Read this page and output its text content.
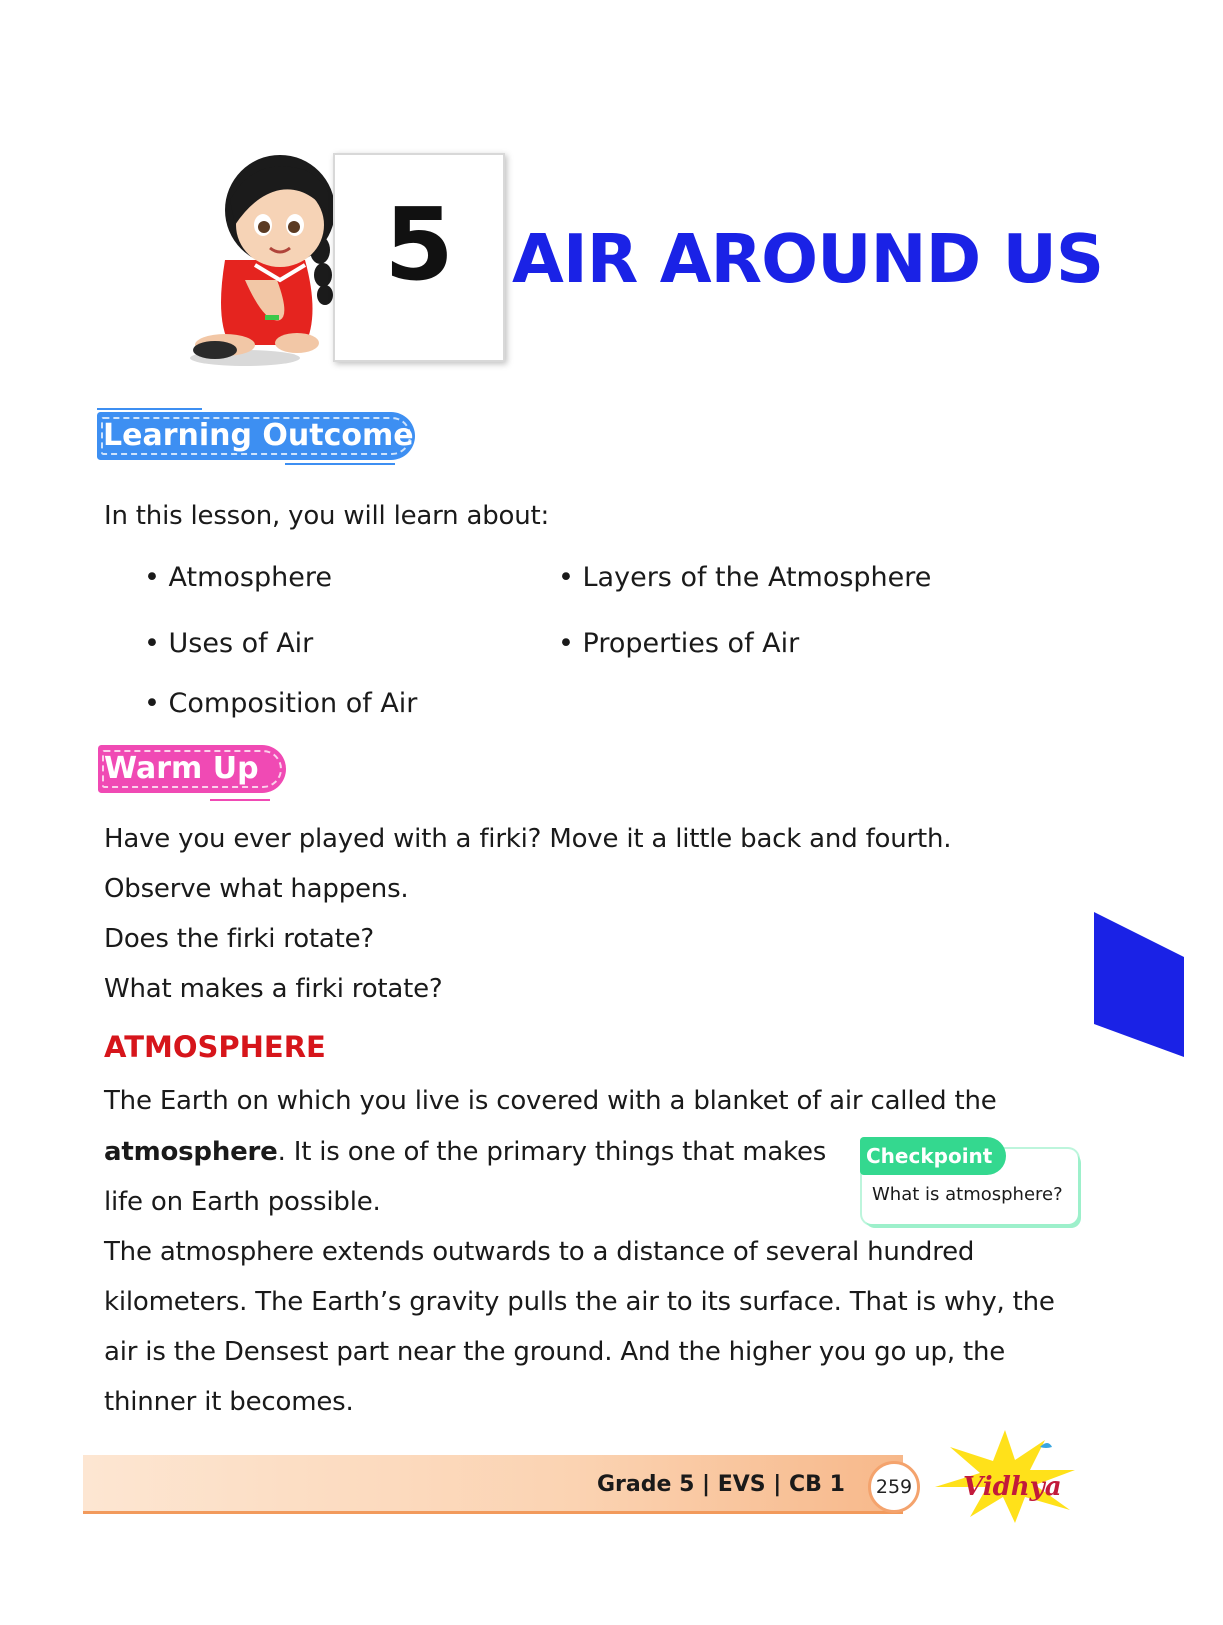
5 AIR AROUND US
Learning Outcomes
In this lesson, you will learn about:
• Atmosphere
• Uses of Air
• Composition of Air
• Layers of the Atmosphere
• Properties of Air
Warm Up
Have you ever played with a firki? Move it a little back and fourth.
Observe what happens.
Does the firki rotate?
What makes a firki rotate?
ATMOSPHERE
The Earth on which you live is covered with a blanket of air called the
atmosphere. It is one of the primary things that makes
life on Earth possible.
The atmosphere extends outwards to a distance of several hundred
kilometers. The Earth’s gravity pulls the air to its surface. That is why, the
air is the Densest part near the ground. And the higher you go up, the
thinner it becomes.
Checkpoint
What is atmosphere?
Grade 5 | EVS | CB 1	259	Vidhya
